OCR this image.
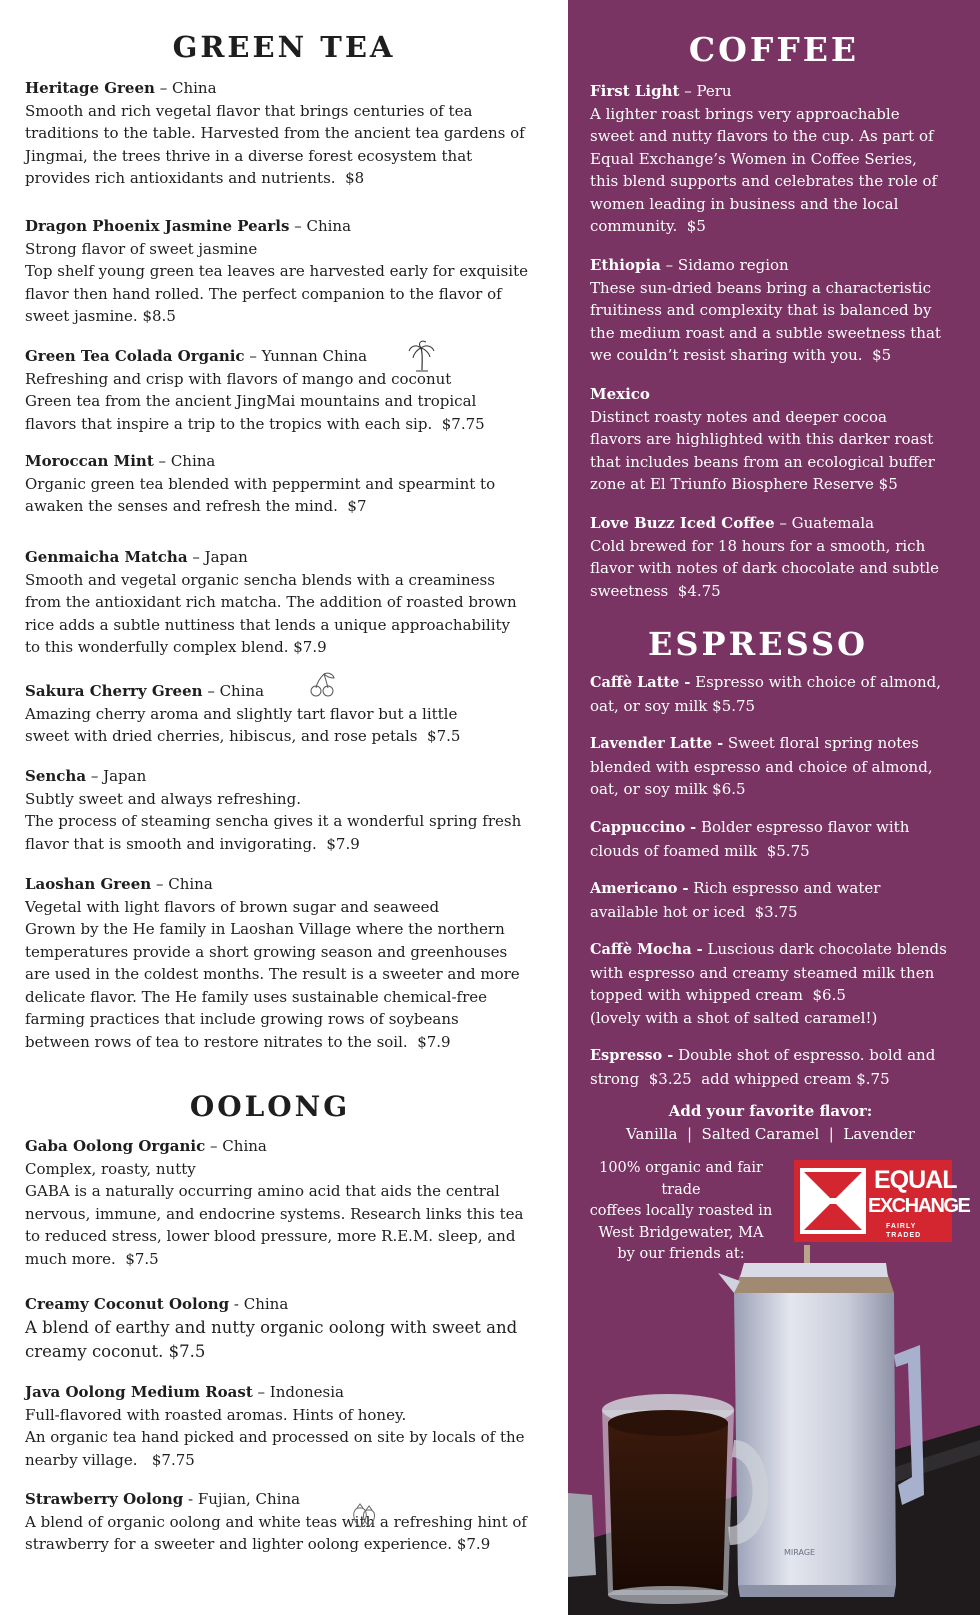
GREEN TEA
Heritage Green – China
Smooth and rich vegetal flavor that brings centuries of tea
traditions to the table. Harvested from the ancient tea gardens of
Jingmai, the trees thrive in a diverse forest ecosystem that
provides rich antioxidants and nutrients.  $8
Dragon Phoenix Jasmine Pearls – China
Strong flavor of sweet jasmine
Top shelf young green tea leaves are harvested early for exquisite
flavor then hand rolled. The perfect companion to the flavor of
sweet jasmine. $8.5
Green Tea Colada Organic – Yunnan China
Refreshing and crisp with flavors of mango and coconut
Green tea from the ancient JingMai mountains and tropical
flavors that inspire a trip to the tropics with each sip.  $7.75
Moroccan Mint – China
Organic green tea blended with peppermint and spearmint to
awaken the senses and refresh the mind.  $7
Genmaicha Matcha – Japan
Smooth and vegetal organic sencha blends with a creaminess
from the antioxidant rich matcha. The addition of roasted brown
rice adds a subtle nuttiness that lends a unique approachability
to this wonderfully complex blend. $7.9
Sakura Cherry Green – China
Amazing cherry aroma and slightly tart flavor but a little
sweet with dried cherries, hibiscus, and rose petals  $7.5
Sencha – Japan
Subtly sweet and always refreshing.
The process of steaming sencha gives it a wonderful spring fresh
flavor that is smooth and invigorating.  $7.9
Laoshan Green – China
Vegetal with light flavors of brown sugar and seaweed
Grown by the He family in Laoshan Village where the northern
temperatures provide a short growing season and greenhouses
are used in the coldest months. The result is a sweeter and more
delicate flavor. The He family uses sustainable chemical-free
farming practices that include growing rows of soybeans
between rows of tea to restore nitrates to the soil.  $7.9
OOLONG
Gaba Oolong Organic – China
Complex, roasty, nutty
GABA is a naturally occurring amino acid that aids the central
nervous, immune, and endocrine systems. Research links this tea
to reduced stress, lower blood pressure, more R.E.M. sleep, and
much more.  $7.5
Creamy Coconut Oolong - China
A blend of earthy and nutty organic oolong with sweet and
creamy coconut. $7.5
Java Oolong Medium Roast – Indonesia
Full-flavored with roasted aromas. Hints of honey.
An organic tea hand picked and processed on site by locals of the
nearby village.   $7.75
Strawberry Oolong - Fujian, China
A blend of organic oolong and white teas with a refreshing hint of
strawberry for a sweeter and lighter oolong experience. $7.9
COFFEE
First Light – Peru
A lighter roast brings very approachable
sweet and nutty flavors to the cup. As part of
Equal Exchange’s Women in Coffee Series,
this blend supports and celebrates the role of
women leading in business and the local
community.  $5
Ethiopia – Sidamo region
These sun-dried beans bring a characteristic
fruitiness and complexity that is balanced by
the medium roast and a subtle sweetness that
we couldn’t resist sharing with you.  $5
Mexico
Distinct roasty notes and deeper cocoa
flavors are highlighted with this darker roast
that includes beans from an ecological buffer
zone at El Triunfo Biosphere Reserve $5
Love Buzz Iced Coffee – Guatemala
Cold brewed for 18 hours for a smooth, rich
flavor with notes of dark chocolate and subtle
sweetness  $4.75
ESPRESSO
Caffè Latte - Espresso with choice of almond,
oat, or soy milk $5.75
Lavender Latte - Sweet floral spring notes
blended with espresso and choice of almond,
oat, or soy milk $6.5
Cappuccino - Bolder espresso flavor with
clouds of foamed milk  $5.75
Americano - Rich espresso and water
available hot or iced  $3.75
Caffè Mocha - Luscious dark chocolate blends
with espresso and creamy steamed milk then
topped with whipped cream  $6.5
(lovely with a shot of salted caramel!)
Espresso - Double shot of espresso. bold and
strong  $3.25  add whipped cream $.75
Add your favorite flavor:
Vanilla  |  Salted Caramel  |  Lavender
100% organic and fair trade
coffees locally roasted in
West Bridgewater, MA
by our friends at:
EQUAL
EXCHANGE
FAIRLY TRADED
MIRAGE
